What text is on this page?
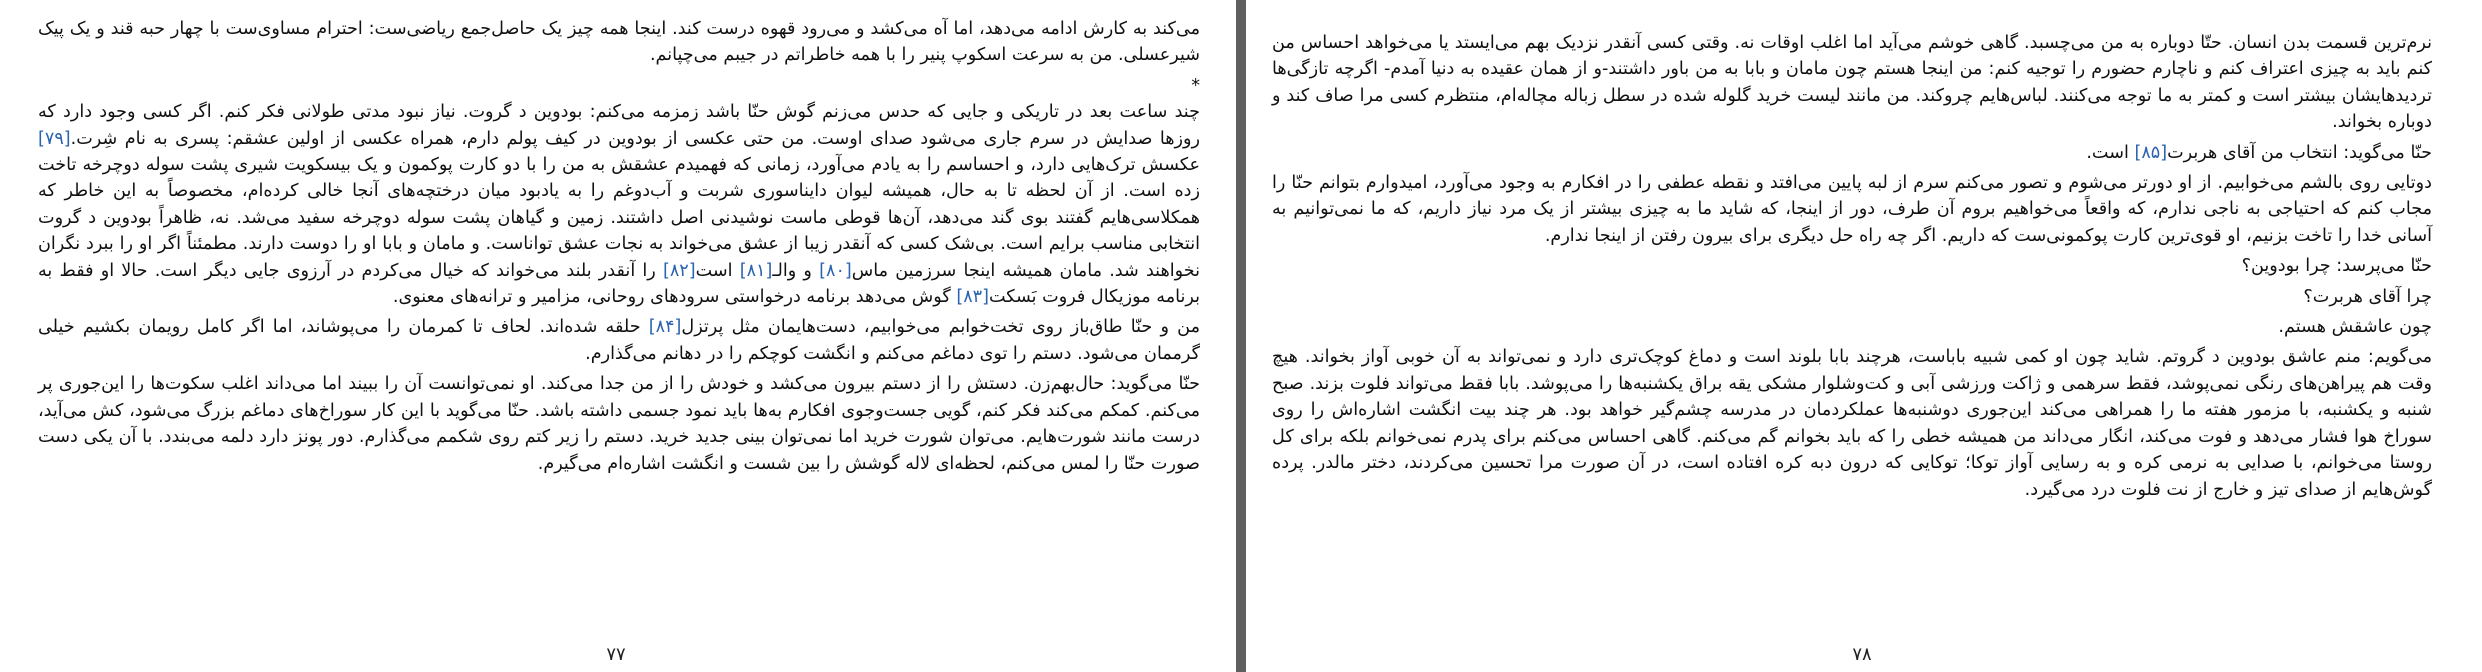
می‌کند به کارش ادامه می‌دهد، اما آه می‌کشد و می‌رود قهوه درست کند. اینجا همه چیز یک حاصل‌جمع ریاضی‌ست: احترام مساوی‌ست با چهار حبه قند و یک پیک شیرعسلی. من به سرعت اسکوپ پنیر را با همه خاطراتم در جیبم می‌چپانم.

*

چند ساعت بعد در تاریکی و جایی که حدس می‌زنم گوش حنّا باشد زمزمه می‌کنم: بودوین د گروت. نیاز نبود مدتی طولانی فکر کنم. اگر کسی وجود دارد که روزها صدایش در سرم جاری می‌شود صدای اوست. من حتی عکسی از بودوین در کیف پولم دارم، همراه عکسی از اولین عشقم: پسری به نام شِرت.[۷۹] عکسش ترک‌هایی دارد، و احساسم را به یادم می‌آورد، زمانی که فهمیدم عشقش به من را با دو کارت پوکمون و یک بیسکویت شیری پشت سوله دوچرخه تاخت زده است. از آن لحظه تا به حال، همیشه لیوان دایناسوری شربت و آب‌دوغم را به یادبود میان درختچه‌های آنجا خالی کرده‌ام، مخصوصاً به این خاطر که همکلاسی‌هایم گفتند بوی گند می‌دهد، آن‌ها قوطی ماست نوشیدنی اصل داشتند. زمین و گیاهان پشت سوله دوچرخه سفید می‌شد. نه، ظاهراً بودوین د گروت انتخابی مناسب برایم است. بی‌شک کسی که آنقدر زیبا از عشق می‌خواند به نجات عشق تواناست. و مامان و بابا او را دوست دارند. مطمئناً اگر او را ببرد نگران نخواهند شد. مامان همیشه اینجا سرزمین ماس[۸۰] و والـ[۸۱] است[۸۲] را آنقدر بلند می‌خواند که خیال می‌کردم در آرزوی جایی دیگر است. حالا او فقط به برنامه موزیکال فروت بَسکت[۸۳] گوش می‌دهد برنامه درخواستی سرودهای روحانی، مزامیر و ترانه‌های معنوی.

من و حنّا طاق‌باز روی تخت‌خوابم می‌خوابیم، دست‌هایمان مثل پرتزل[۸۴] حلقه شده‌اند. لحاف تا کمرمان را می‌پوشاند، اما اگر کامل رویمان بکشیم خیلی گرممان می‌شود. دستم را توی دماغم می‌کنم و انگشت کوچکم را در دهانم می‌گذارم.

حنّا می‌گوید: حال‌بهم‌زن. دستش را از دستم بیرون می‌کشد و خودش را از من جدا می‌کند. او نمی‌توانست آن را ببیند اما می‌داند اغلب سکوت‌ها را این‌جوری پر می‌کنم. کمکم می‌کند فکر کنم، گویی جست‌وجوی افکارم به‌ها باید نمود جسمی داشته باشد. حنّا می‌گوید با این کار سوراخ‌های دماغم بزرگ می‌شود، کش می‌آید، درست مانند شورت‌هایم. می‌توان شورت خرید اما نمی‌توان بینی جدید خرید. دستم را زیر کتم روی شکمم می‌گذارم. دور پونز دارد دلمه می‌بندد. با آن یکی دست صورت حنّا را لمس می‌کنم، لحظه‌ای لاله گوشش را بین شست و انگشت اشاره‌ام می‌گیرم.

۷۷

نرم‌ترین قسمت بدن انسان. حتّا دوباره به من می‌چسبد. گاهی خوشم می‌آید اما اغلب اوقات نه. وقتی کسی آنقدر نزدیک بهم می‌ایستد یا می‌خواهد احساس من کنم باید به چیزی اعتراف کنم و ناچارم حضورم را توجیه کنم: من اینجا هستم چون مامان و بابا به من باور داشتند-و از همان عقیده به دنیا آمدم- اگرچه تازگی‌ها تردیدهایشان بیشتر است و کمتر به ما توجه می‌کنند. لباس‌هایم چروکند. من مانند لیست خرید گلوله شده در سطل زباله مچاله‌ام، منتظرم کسی مرا صاف کند و دوباره بخواند.

حنّا می‌گوید: انتخاب من آقای هربرت[۸۵] است.

دوتایی روی بالشم می‌خوابیم. از او دورتر می‌شوم و تصور می‌کنم سرم از لبه پایین می‌افتد و نقطه عطفی را در افکارم به وجود می‌آورد، امیدوارم بتوانم حنّا را مجاب کنم که احتیاجی به ناجی ندارم، که واقعاً می‌خواهیم بروم آن طرف، دور از اینجا، که شاید ما به چیزی بیشتر از یک مرد نیاز داریم، که ما نمی‌توانیم به آسانی خدا را تاخت بزنیم، او قوی‌ترین کارت پوکمونی‌ست که داریم. اگر چه راه حل دیگری برای بیرون رفتن از اینجا ندارم.

حنّا می‌پرسد: چرا بودوین؟

چرا آقای هربرت؟

چون عاشقش هستم.

می‌گویم: منم عاشق بودوین د گروتم. شاید چون او کمی شبیه باباست، هرچند بابا بلوند است و دماغ کوچک‌تری دارد و نمی‌تواند به آن خوبی آواز بخواند. هیچ وقت هم پیراهن‌های رنگی نمی‌پوشد، فقط سرهمی و ژاکت ورزشی آبی و کت‌وشلوار مشکی یقه براق یکشنبه‌ها را می‌پوشد. بابا فقط می‌تواند فلوت بزند. صبح شنبه و یکشنبه، با مزمور هفته ما را همراهی می‌کند این‌جوری دوشنبه‌ها عملکردمان در مدرسه چشم‌گیر خواهد بود. هر چند بیت انگشت اشاره‌اش را روی سوراخ هوا فشار می‌دهد و فوت می‌کند، انگار می‌داند من همیشه خطی را که باید بخوانم گم می‌کنم. گاهی احساس می‌کنم برای پدرم نمی‌خوانم بلکه برای کل روستا می‌خوانم، با صدایی به نرمی کره و به رسایی آواز توکا؛ توکایی که درون دبه کره افتاده است، در آن صورت مرا تحسین می‌کردند، دختر مالدر. پرده گوش‌هایم از صدای تیز و خارج از نت فلوت درد می‌گیرد.

۷۸
